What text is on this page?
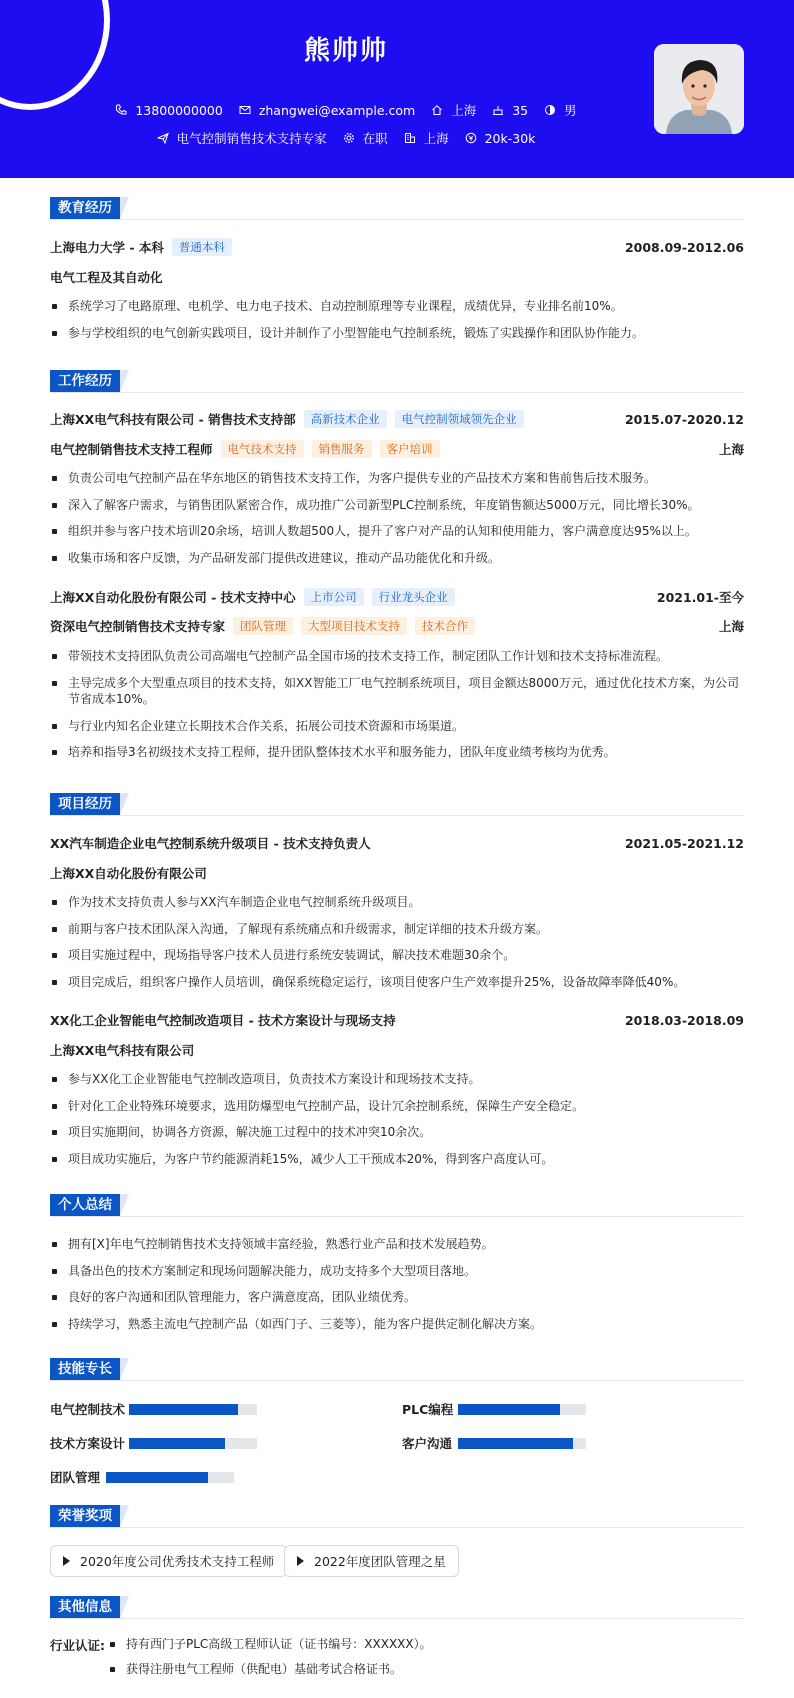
熊帅帅
13800000000	zhangwei@example.com	上海	35	男
电气控制销售技术支持专家	在职	上海	20k-30k
教育经历
上海电力大学 - 本科	普通本科	2008.09-2012.06
电气工程及其自动化
系统学习了电路原理、电机学、电力电子技术、自动控制原理等专业课程，成绩优异，专业排名前10%。
参与学校组织的电气创新实践项目，设计并制作了小型智能电气控制系统，锻炼了实践操作和团队协作能力。
工作经历
上海XX电气科技有限公司 - 销售技术支持部	高新技术企业	电气控制领域领先企业	2015.07-2020.12
电气控制销售技术支持工程师	电气技术支持	销售服务	客户培训	上海
负责公司电气控制产品在华东地区的销售技术支持工作，为客户提供专业的产品技术方案和售前售后技术服务。
深入了解客户需求，与销售团队紧密合作，成功推广公司新型PLC控制系统，年度销售额达5000万元，同比增长30%。
组织并参与客户技术培训20余场，培训人数超500人，提升了客户对产品的认知和使用能力，客户满意度达95%以上。
收集市场和客户反馈，为产品研发部门提供改进建议，推动产品功能优化和升级。
上海XX自动化股份有限公司 - 技术支持中心	上市公司	行业龙头企业	2021.01-至今
资深电气控制销售技术支持专家	团队管理	大型项目技术支持	技术合作	上海
带领技术支持团队负责公司高端电气控制产品全国市场的技术支持工作，制定团队工作计划和技术支持标准流程。
主导完成多个大型重点项目的技术支持，如XX智能工厂电气控制系统项目，项目金额达8000万元，通过优化技术方案，为公司节省成本10%。
与行业内知名企业建立长期技术合作关系，拓展公司技术资源和市场渠道。
培养和指导3名初级技术支持工程师，提升团队整体技术水平和服务能力，团队年度业绩考核均为优秀。
项目经历
XX汽车制造企业电气控制系统升级项目 - 技术支持负责人	2021.05-2021.12
上海XX自动化股份有限公司
作为技术支持负责人参与XX汽车制造企业电气控制系统升级项目。
前期与客户技术团队深入沟通，了解现有系统痛点和升级需求，制定详细的技术升级方案。
项目实施过程中，现场指导客户技术人员进行系统安装调试，解决技术难题30余个。
项目完成后，组织客户操作人员培训，确保系统稳定运行，该项目使客户生产效率提升25%，设备故障率降低40%。
XX化工企业智能电气控制改造项目 - 技术方案设计与现场支持	2018.03-2018.09
上海XX电气科技有限公司
参与XX化工企业智能电气控制改造项目，负责技术方案设计和现场技术支持。
针对化工企业特殊环境要求，选用防爆型电气控制产品，设计冗余控制系统，保障生产安全稳定。
项目实施期间，协调各方资源，解决施工过程中的技术冲突10余次。
项目成功实施后，为客户节约能源消耗15%，减少人工干预成本20%，得到客户高度认可。
个人总结
拥有[X]年电气控制销售技术支持领域丰富经验，熟悉行业产品和技术发展趋势。
具备出色的技术方案制定和现场问题解决能力，成功支持多个大型项目落地。
良好的客户沟通和团队管理能力，客户满意度高，团队业绩优秀。
持续学习，熟悉主流电气控制产品（如西门子、三菱等），能为客户提供定制化解决方案。
技能专长
电气控制技术	PLC编程
技术方案设计	客户沟通
团队管理
荣誉奖项
2020年度公司优秀技术支持工程师	2022年度团队管理之星
其他信息
行业认证:	持有西门子PLC高级工程师认证（证书编号：XXXXXX）。
获得注册电气工程师（供配电）基础考试合格证书。
